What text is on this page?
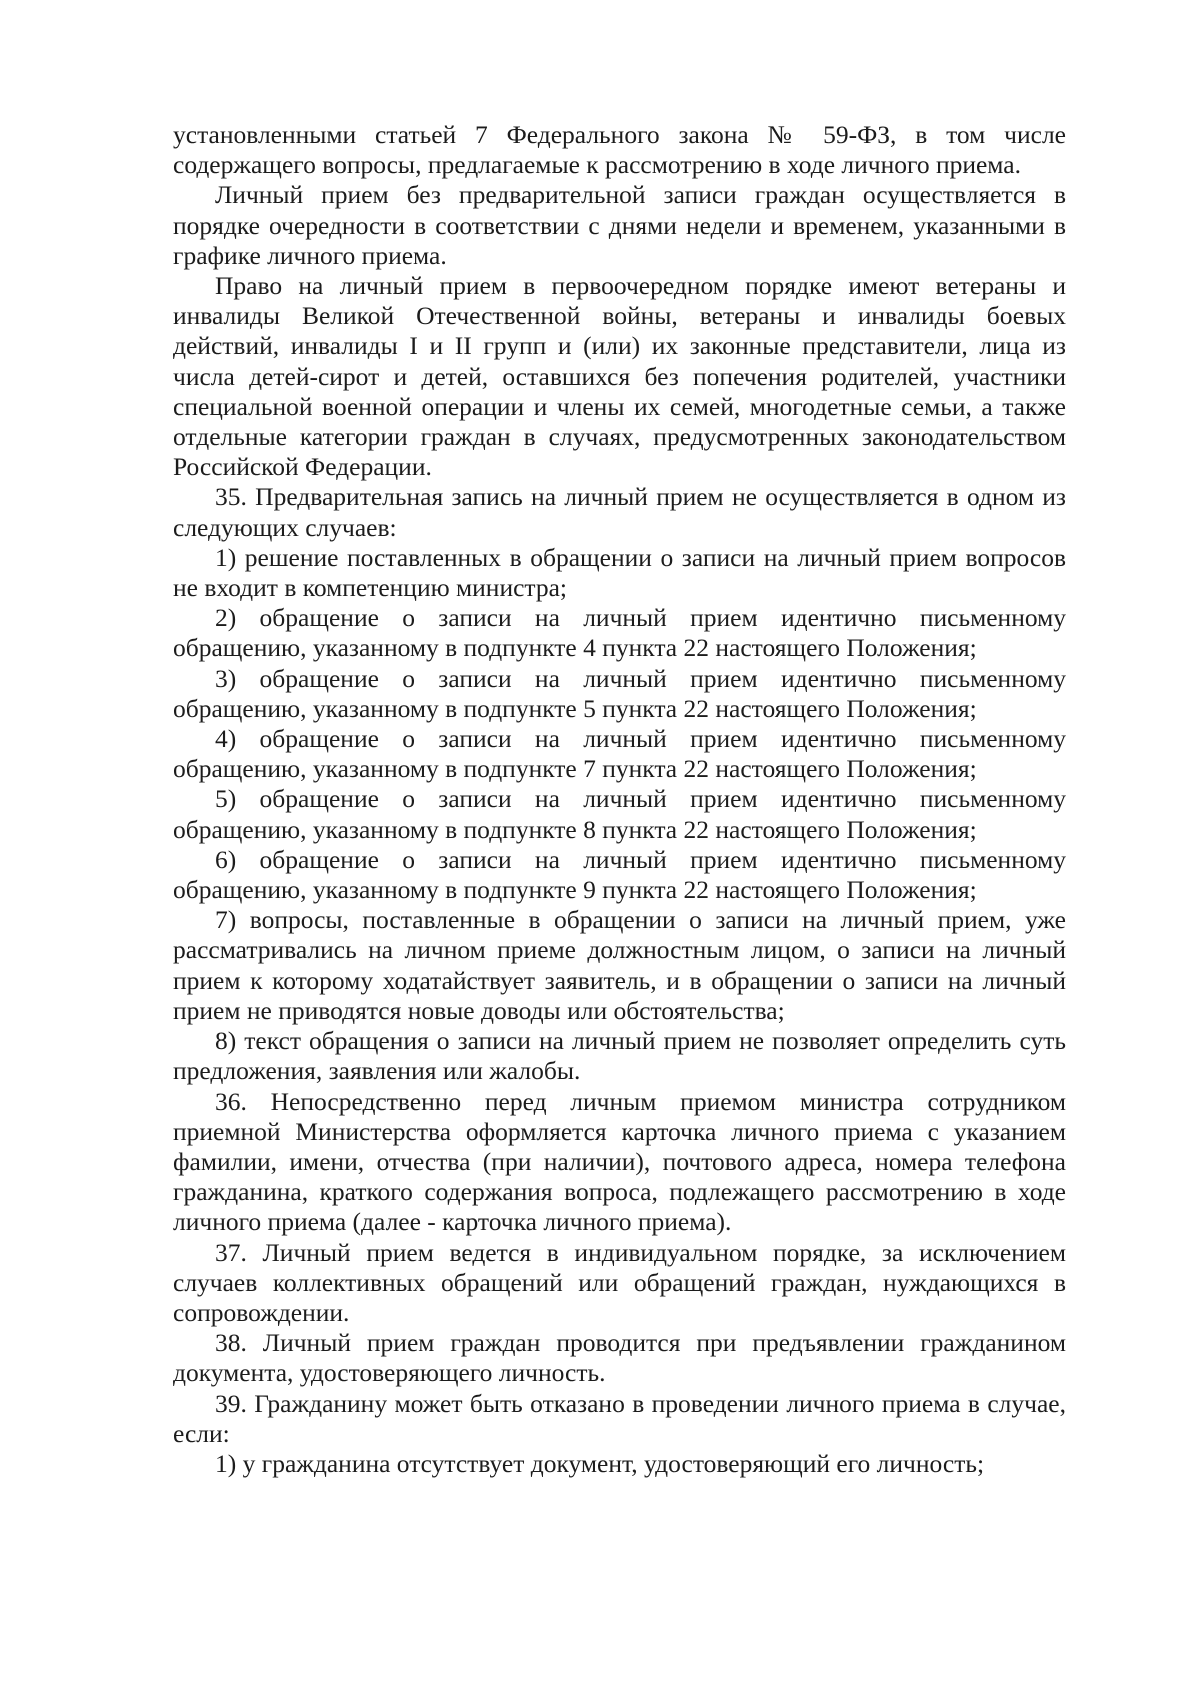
установленными статьей 7 Федерального закона № 59-ФЗ, в том числе содержащего вопросы, предлагаемые к рассмотрению в ходе личного приема.

Личный прием без предварительной записи граждан осуществляется в порядке очередности в соответствии с днями недели и временем, указанными в графике личного приема.

Право на личный прием в первоочередном порядке имеют ветераны и инвалиды Великой Отечественной войны, ветераны и инвалиды боевых действий, инвалиды I и II групп и (или) их законные представители, лица из числа детей-сирот и детей, оставшихся без попечения родителей, участники специальной военной операции и члены их семей, многодетные семьи, а также отдельные категории граждан в случаях, предусмотренных законодательством Российской Федерации.

35. Предварительная запись на личный прием не осуществляется в одном из следующих случаев:

1) решение поставленных в обращении о записи на личный прием вопросов не входит в компетенцию министра;

2) обращение о записи на личный прием идентично письменному обращению, указанному в подпункте 4 пункта 22 настоящего Положения;

3) обращение о записи на личный прием идентично письменному обращению, указанному в подпункте 5 пункта 22 настоящего Положения;

4) обращение о записи на личный прием идентично письменному обращению, указанному в подпункте 7 пункта 22 настоящего Положения;

5) обращение о записи на личный прием идентично письменному обращению, указанному в подпункте 8 пункта 22 настоящего Положения;

6) обращение о записи на личный прием идентично письменному обращению, указанному в подпункте 9 пункта 22 настоящего Положения;

7) вопросы, поставленные в обращении о записи на личный прием, уже рассматривались на личном приеме должностным лицом, о записи на личный прием к которому ходатайствует заявитель, и в обращении о записи на личный прием не приводятся новые доводы или обстоятельства;

8) текст обращения о записи на личный прием не позволяет определить суть предложения, заявления или жалобы.

36. Непосредственно перед личным приемом министра сотрудником приемной Министерства оформляется карточка личного приема с указанием фамилии, имени, отчества (при наличии), почтового адреса, номера телефона гражданина, краткого содержания вопроса, подлежащего рассмотрению в ходе личного приема (далее - карточка личного приема).

37. Личный прием ведется в индивидуальном порядке, за исключением случаев коллективных обращений или обращений граждан, нуждающихся в сопровождении.

38. Личный прием граждан проводится при предъявлении гражданином документа, удостоверяющего личность.

39. Гражданину может быть отказано в проведении личного приема в случае, если:

1) у гражданина отсутствует документ, удостоверяющий его личность;
